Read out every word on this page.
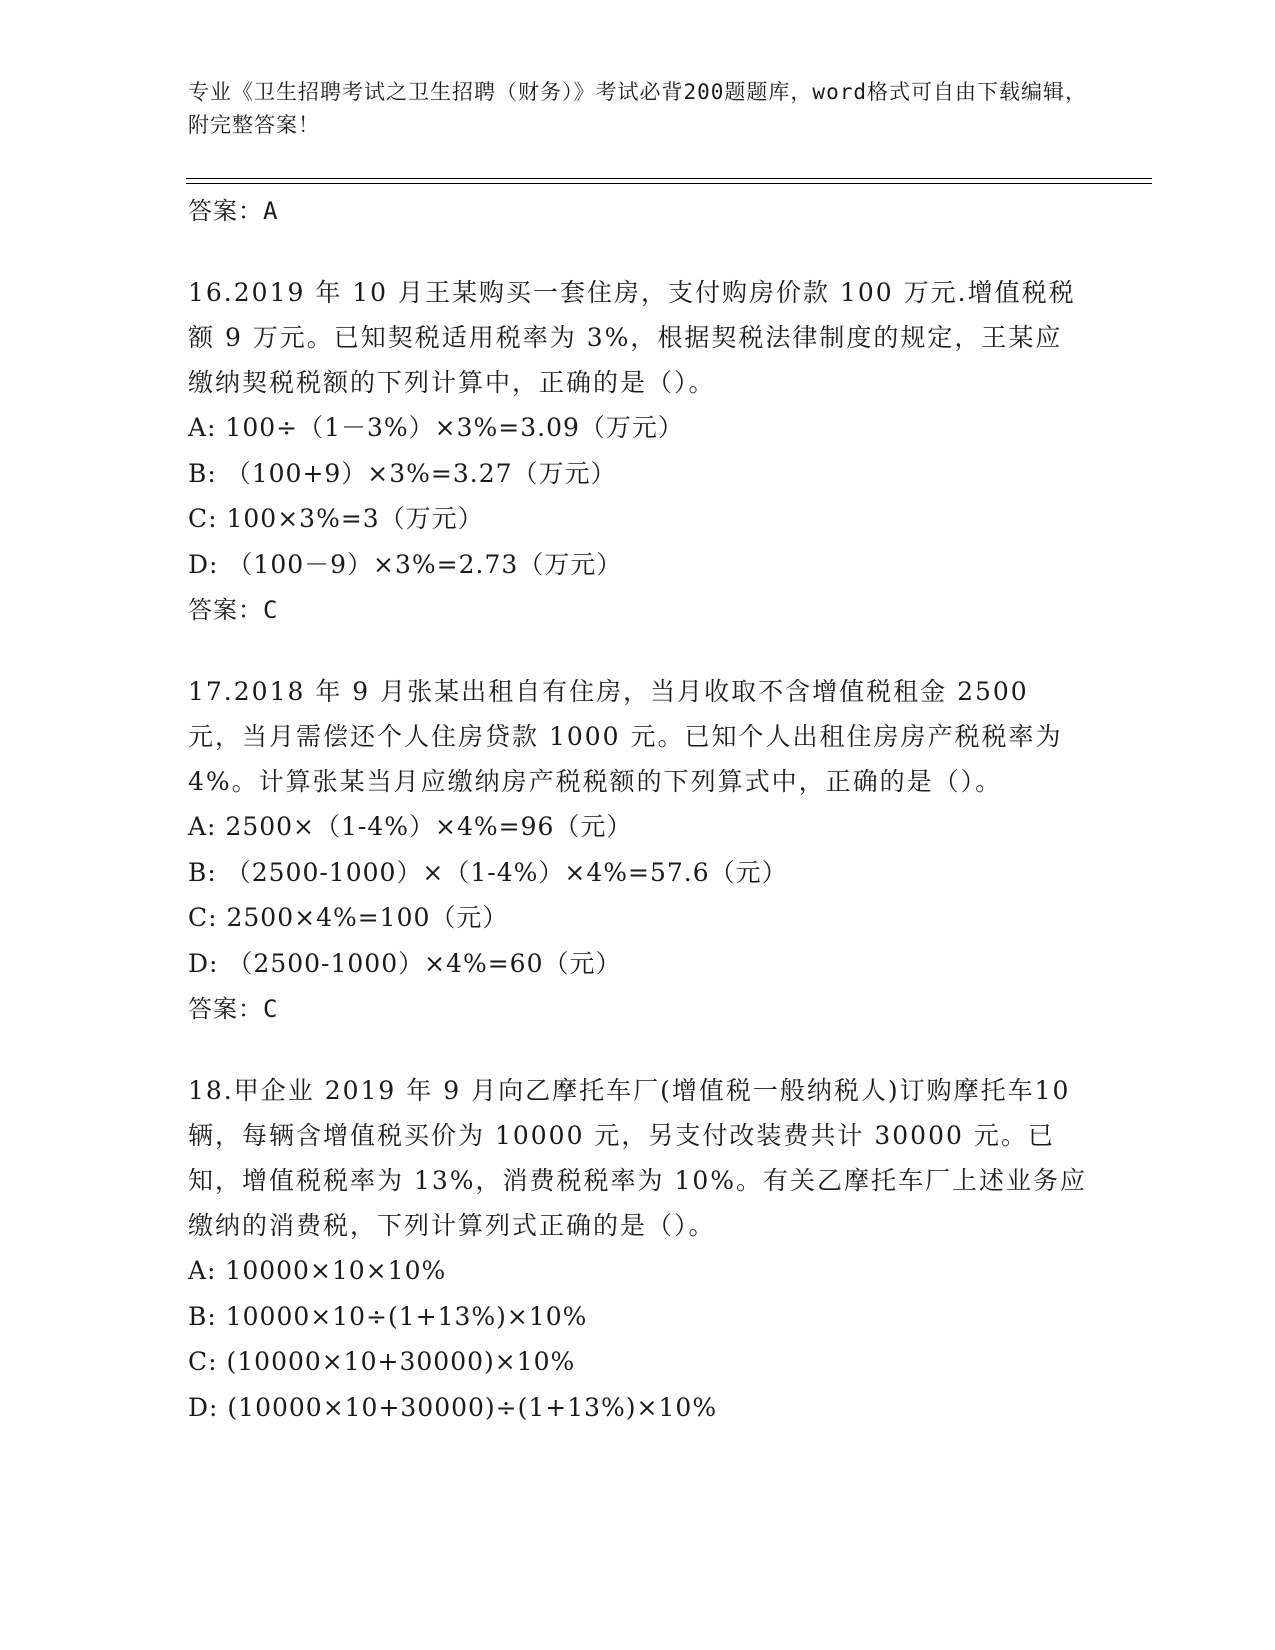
专业《卫生招聘考试之卫生招聘（财务）》考试必背200题题库，word格式可自由下载编辑，附完整答案！
答案：A
16.2019 年 10 月王某购买一套住房，支付购房价款 100 万元.增值税税额 9 万元。已知契税适用税率为 3%，根据契税法律制度的规定，王某应缴纳契税税额的下列计算中，正确的是（）。
A: 100÷（1－3%）×3%=3.09（万元）
B: （100+9）×3%=3.27（万元）
C: 100×3%=3（万元）
D: （100－9）×3%=2.73（万元）
答案：C
17.2018 年 9 月张某出租自有住房，当月收取不含增值税租金 2500 元，当月需偿还个人住房贷款 1000 元。已知个人出租住房房产税税率为4%。计算张某当月应缴纳房产税税额的下列算式中，正确的是（）。
A: 2500×（1-4%）×4%=96（元）
B: （2500-1000）×（1-4%）×4%=57.6（元）
C: 2500×4%=100（元）
D: （2500-1000）×4%=60（元）
答案：C
18.甲企业 2019 年 9 月向乙摩托车厂(增值税一般纳税人)订购摩托车10 辆，每辆含增值税买价为 10000 元，另支付改装费共计 30000 元。已知，增值税税率为 13%，消费税税率为 10%。有关乙摩托车厂上述业务应缴纳的消费税，下列计算列式正确的是（）。
A: 10000×10×10%
B: 10000×10÷(1+13%)×10%
C: (10000×10+30000)×10%
D: (10000×10+30000)÷(1+13%)×10%
